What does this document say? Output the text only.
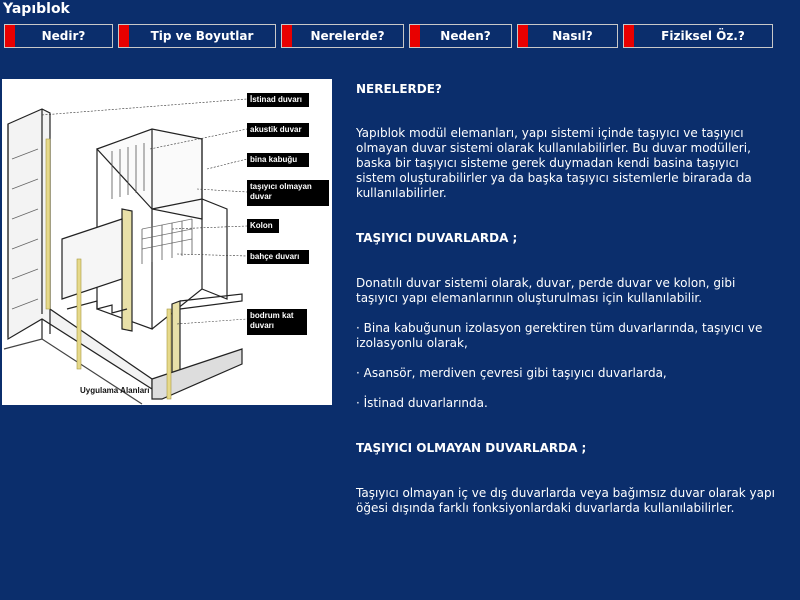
Yapıblok
Nedir?	Tip ve Boyutlar	Nerelerde?	Neden?	Nasıl?	Fiziksel Öz.?
İstinad duvarı
akustik duvar
bina kabuğu
taşıyıcı olmayan duvar
Kolon
bahçe duvarı
bodrum kat duvarı
Uygulama Alanları

NERELERDE?

Yapıblok modül elemanları, yapı sistemi içinde taşıyıcı ve taşıyıcı olmayan duvar sistemi olarak kullanılabilirler. Bu duvar modülleri, baska bir taşıyıcı sisteme gerek duymadan kendi basina taşıyıcı sistem oluşturabilirler ya da başka taşıyıcı sistemlerle birarada da kullanılabilirler.

TAŞIYICI DUVARLARDA ;

Donatılı duvar sistemi olarak, duvar, perde duvar ve kolon, gibi taşıyıcı yapı elemanlarının oluşturulması için kullanılabilir.

· Bina kabuğunun izolasyon gerektiren tüm duvarlarında, taşıyıcı ve izolasyonlu olarak,

· Asansör, merdiven çevresi gibi taşıyıcı duvarlarda,

· İstinad duvarlarında.

TAŞIYICI OLMAYAN DUVARLARDA ;

Taşıyıcı olmayan iç ve dış duvarlarda veya bağımsız duvar olarak yapı öğesi dışında farklı fonksiyonlardaki duvarlarda kullanılabilirler.
